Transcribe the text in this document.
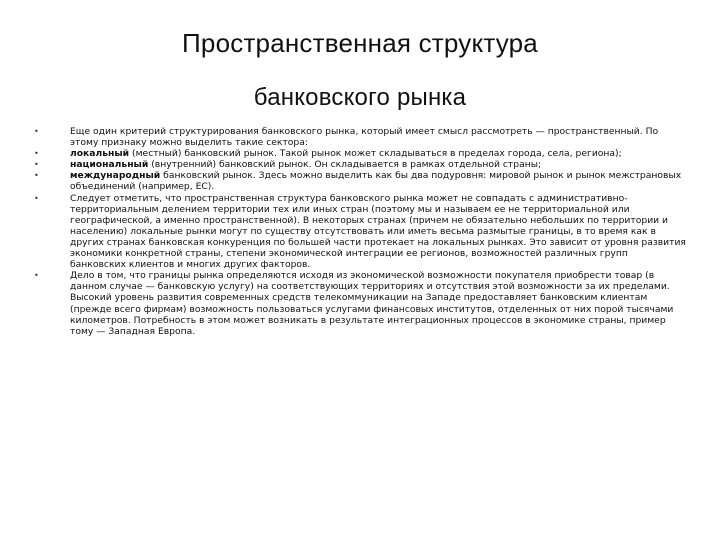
Пространственная структура
банковского рынка
•	Еще один критерий структурирования банковского рынка, который имеет смысл рассмотреть — пространственный. По этому признаку можно выделить такие сектора:
•	локальный (местный) банковский рынок. Такой рынок может складываться в пределах города, села, региона);
•	национальный (внутренний) банковский рынок. Он складывается в рамках отдельной страны;
•	международный банковский рынок. Здесь можно выделить как бы два подуровня: мировой рынок и рынок межстрановых объединений (например, ЕС).
•	Следует отметить, что пространственная структура банковского рынка может не совпадать с административно-территориальным делением территории тех или иных стран (поэтому мы и называем ее не территориальной или географической, а именно пространственной). В некоторых странах (причем не обязательно небольших по территории и населению) локальные рынки могут по существу отсутствовать или иметь весьма размытые границы, в то время как в других странах банковская конкуренция по большей части протекает на локальных рынках. Это зависит от уровня развития экономики конкретной страны, степени экономической интеграции ее регионов, возможностей различных групп банковских клиентов и многих других факторов.
•	Дело в том, что границы рынка определяются исходя из экономической возможности покупателя приобрести товар (в данном случае — банковскую услугу) на соответствующих территориях и отсутствия этой возможности за их пределами. Высокий уровень развития современных средств телекоммуникации на Западе предоставляет банковским клиентам (прежде всего фирмам) возможность пользоваться услугами финансовых институтов, отделенных от них порой тысячами километров. Потребность в этом может возникать в результате интеграционных процессов в экономике страны, пример тому — Западная Европа.
